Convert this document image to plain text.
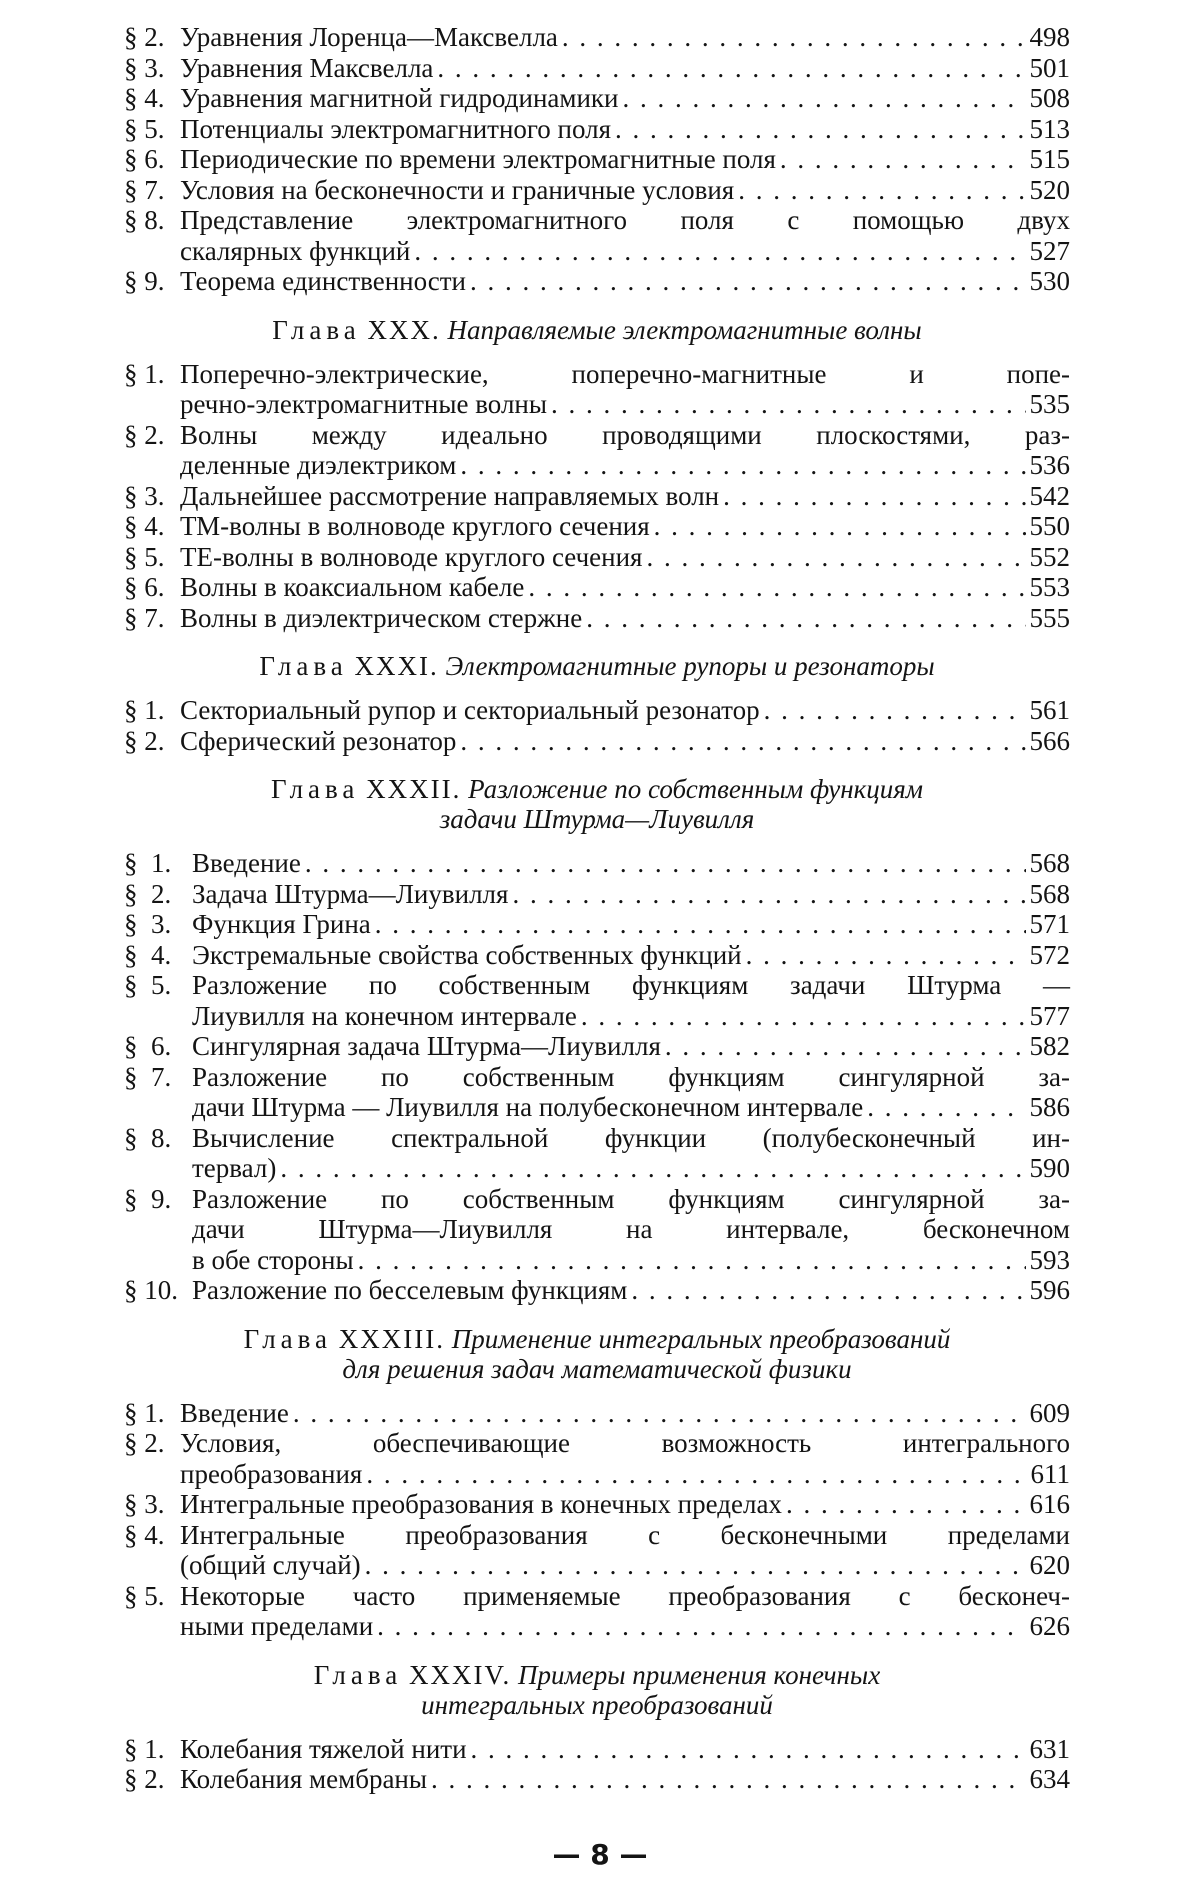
§ 2. Уравнения Лоренца—Максвелла . . .	498
§ 3. Уравнения Максвелла . . .	501
§ 4. Уравнения магнитной гидродинамики . . .	508
§ 5. Потенциалы электромагнитного поля . . .	513
§ 6. Периодические по времени электромагнитные поля . . .	515
§ 7. Условия на бесконечности и граничные условия . . .	520
§ 8. Представление электромагнитного поля с помощью двух
скалярных функций . . .	527
§ 9. Теорема единственности . . .	530
Глава XXX. Направляемые электромагнитные волны
§ 1. Поперечно-электрические, поперечно-магнитные и попе-
речно-электромагнитные волны . . .	535
§ 2. Волны между идеально проводящими плоскостями, раз-
деленные диэлектриком . . .	536
§ 3. Дальнейшее рассмотрение направляемых волн . . .	542
§ 4. ТМ-волны в волноводе круглого сечения . . .	550
§ 5. ТЕ-волны в волноводе круглого сечения . . .	552
§ 6. Волны в коаксиальном кабеле . . .	553
§ 7. Волны в диэлектрическом стержне . . .	555
Глава XXXI. Электромагнитные рупоры и резонаторы
§ 1. Секториальный рупор и секториальный резонатор . . .	561
§ 2. Сферический резонатор . . .	566
Глава XXXII. Разложение по собственным функциям
задачи Штурма—Лиувилля
§  1. Введение . . .	568
§  2. Задача Штурма—Лиувилля . . .	568
§  3. Функция Грина . . .	571
§  4. Экстремальные свойства собственных функций . . .	572
§  5. Разложение по собственным функциям задачи Штурма —
Лиувилля на конечном интервале . . .	577
§  6. Сингулярная задача Штурма—Лиувилля . . .	582
§  7. Разложение по собственным функциям сингулярной за-
дачи Штурма — Лиувилля на полубесконечном интервале . . .	586
§  8. Вычисление спектральной функции (полубесконечный ин-
тервал) . . .	590
§  9. Разложение по собственным функциям сингулярной за-
дачи Штурма—Лиувилля на интервале, бесконечном
в обе стороны . . .	593
§ 10. Разложение по бесселевым функциям . . .	596
Глава XXXIII. Применение интегральных преобразований
для решения задач математической физики
§ 1. Введение . . .	609
§ 2. Условия, обеспечивающие возможность интегрального
преобразования . . .	611
§ 3. Интегральные преобразования в конечных пределах . . .	616
§ 4. Интегральные преобразования с бесконечными пределами
(общий случай) . . .	620
§ 5. Некоторые часто применяемые преобразования с бесконеч-
ными пределами . . .	626
Глава XXXIV. Примеры применения конечных
интегральных преобразований
§ 1. Колебания тяжелой нити . . .	631
§ 2. Колебания мембраны . . .	634
— 8 —
